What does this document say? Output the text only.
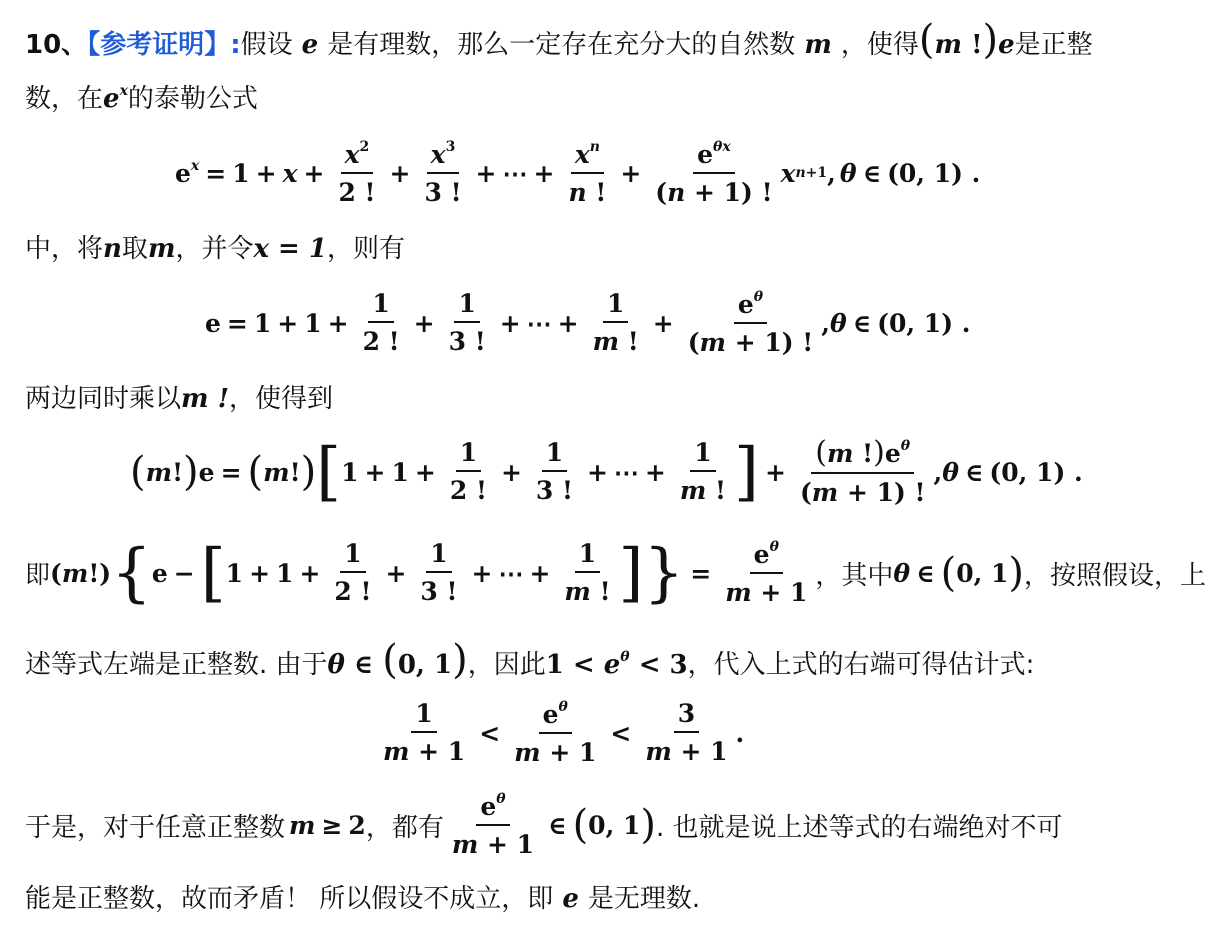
10、【参考证明】:假设 e 是有理数，那么一定存在充分大的自然数 m ，使得(m !)e是正整
数，在$e^x$的泰勒公式
$e^x = 1 + x + \frac{x^2}{2 !} + \frac{x^3}{3 !}$ + ⋯ + $\frac{x^n}{n !} + \frac{e^{\theta x}}{(n + 1) !}$ x n+1 , θ ∈ (0, 1) .
中，将n取m，并令x = 1，则有
$e = 1 + 1 + \frac{1}{2 !} + \frac{1}{3 !}$ + ⋯ + $\frac{1}{m !} + \frac{e^\theta}{(m + 1) !}$ , θ ∈ (0, 1) .
两边同时乘以m !，使得到
( m ! ) e = ( m ! ) [ $1 + 1 + \frac{1}{2 !} + \frac{1}{3 !}$ + ⋯ + $\frac{1}{m !}$ ] + $\frac{(m !)e^\theta}{(m + 1) !}$ , θ ∈ (0, 1) .
即 ( m !) { e − [ $1 + 1 + \frac{1}{2 !} + \frac{1}{3 !}$ + ⋯ + $\frac{1}{m !}$ ]} = $\frac{e^\theta}{m + 1}$ ，其中 θ ∈ ( 0, 1 ) ，按照假设，上
述等式左端是正整数. 由于θ ∈ (0, 1)，因此$1 < e^\theta < 3$，代入上式的右端可得估计式:
$\frac{1}{m + 1} < \frac{e^\theta}{m + 1} < \frac{3}{m + 1}$ .
于是，对于任意正整数 m ≥ 2 ，都有 $\frac{e^\theta}{m + 1}$ ∈ ( 0, 1 ) . 也就是说上述等式的右端绝对不可
能是正整数，故而矛盾！ 所以假设不成立，即 e 是无理数.
